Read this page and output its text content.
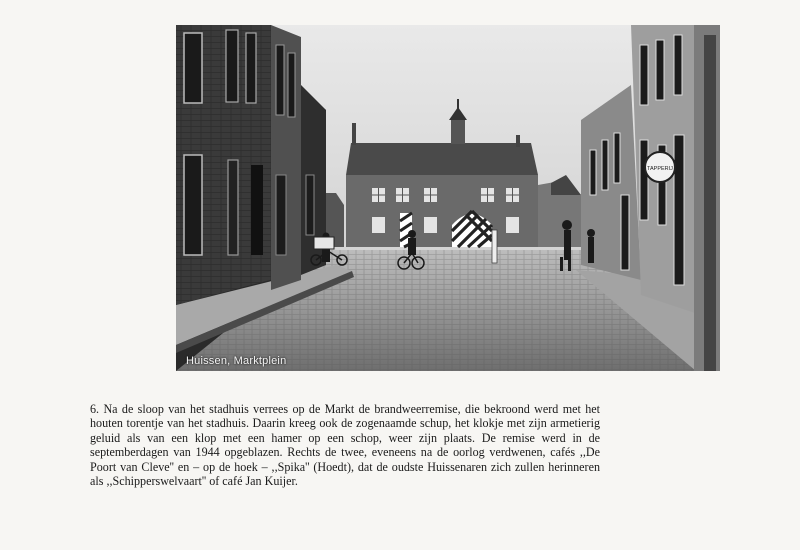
TAPPERIJ
Huissen, Marktplein

6. Na de sloop van het stadhuis verrees op de Markt de brandweerremise, die bekroond werd met het houten torentje van het stadhuis. Daarin kreeg ook de zogenaamde schup, het klokje met zijn armetierig geluid als van een klop met een hamer op een schop, weer zijn plaats. De remise werd in de septemberdagen van 1944 opgeblazen. Rechts de twee, eveneens na de oorlog verdwenen, cafés ,,De Poort van Cleve'' en – op de hoek – ,,Spika'' (Hoedt), dat de oudste Huissenaren zich zullen herinneren als ,,Schipperswelvaart'' of café Jan Kuijer.
